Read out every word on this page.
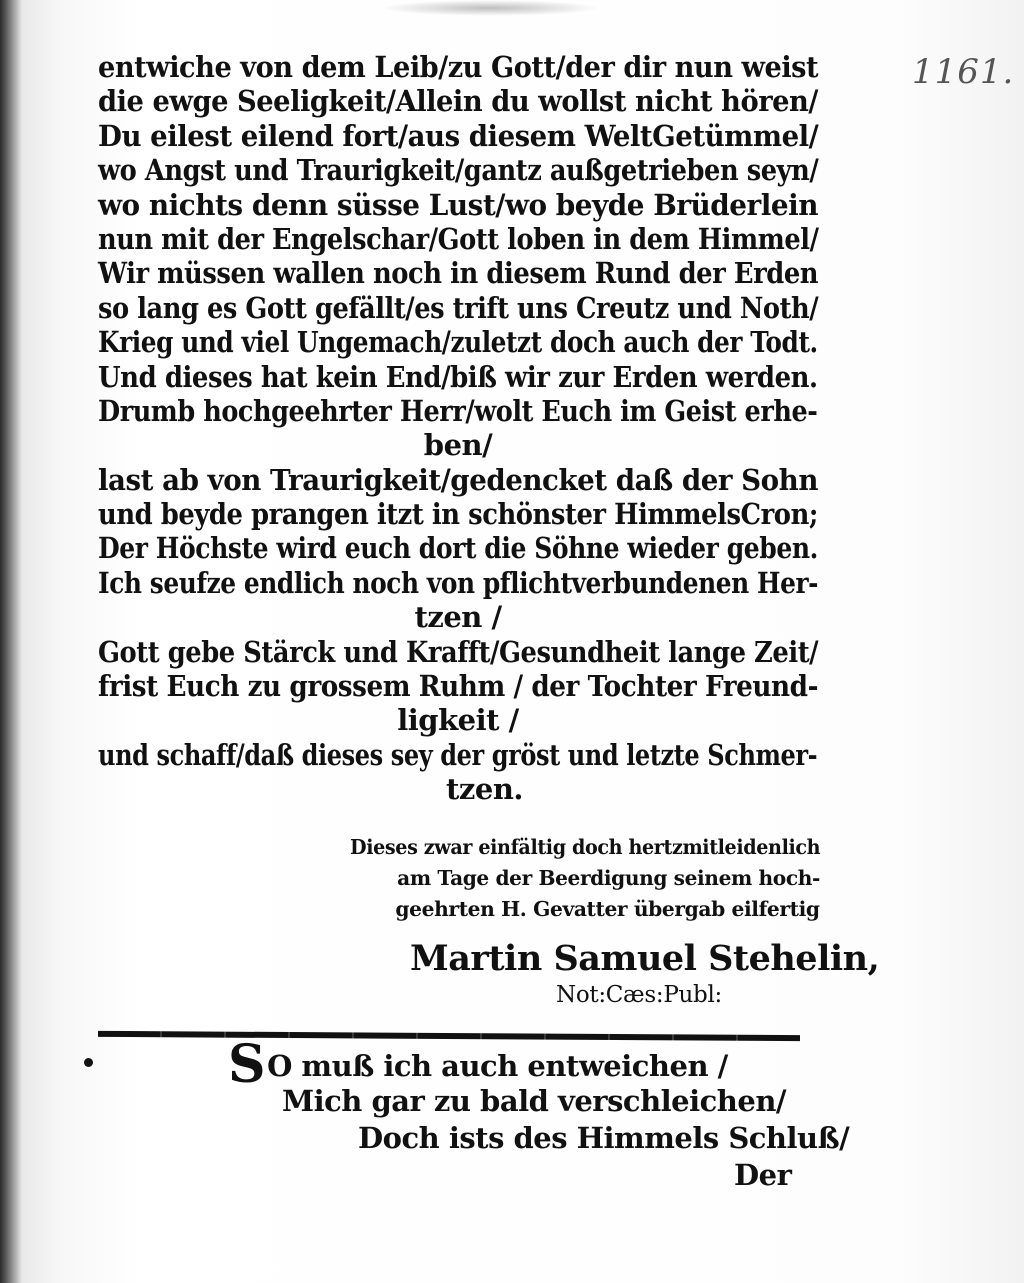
1161.
entwiche von dem Leib/zu Gott/der dir nun weist
die ewge Seeligkeit/Allein du wollst nicht hören/
Du eilest eilend fort/aus diesem WeltGetümmel/
wo Angst und Traurigkeit/gantz außgetrieben seyn/
wo nichts denn süsse Lust/wo beyde Brüderlein
nun mit der Engelschar/Gott loben in dem Himmel/
Wir müssen wallen noch in diesem Rund der Erden
so lang es Gott gefällt/es trift uns Creutz und Noth/
Krieg und viel Ungemach/zuletzt doch auch der Todt.
Und dieses hat kein End/biß wir zur Erden werden.
Drumb hochgeehrter Herr/wolt Euch im Geist erhe-
ben/
last ab von Traurigkeit/gedencket daß der Sohn
und beyde prangen itzt in schönster HimmelsCron;
Der Höchste wird euch dort die Söhne wieder geben.
Ich seufze endlich noch von pflichtverbundenen Her-
tzen /
Gott gebe Stärck und Krafft/Gesundheit lange Zeit/
frist Euch zu grossem Ruhm / der Tochter Freund-
ligkeit /
und schaff/daß dieses sey der gröst und letzte Schmer-
tzen.
Dieses zwar einfältig doch hertzmitleidenlich
am Tage der Beerdigung seinem hoch-
geehrten H. Gevatter übergab eilfertig
Martin Samuel Stehelin,
Not:Cæs:Publ:
SO muß ich auch entweichen /
Mich gar zu bald verschleichen/
Doch ists des Himmels Schluß/
Der
